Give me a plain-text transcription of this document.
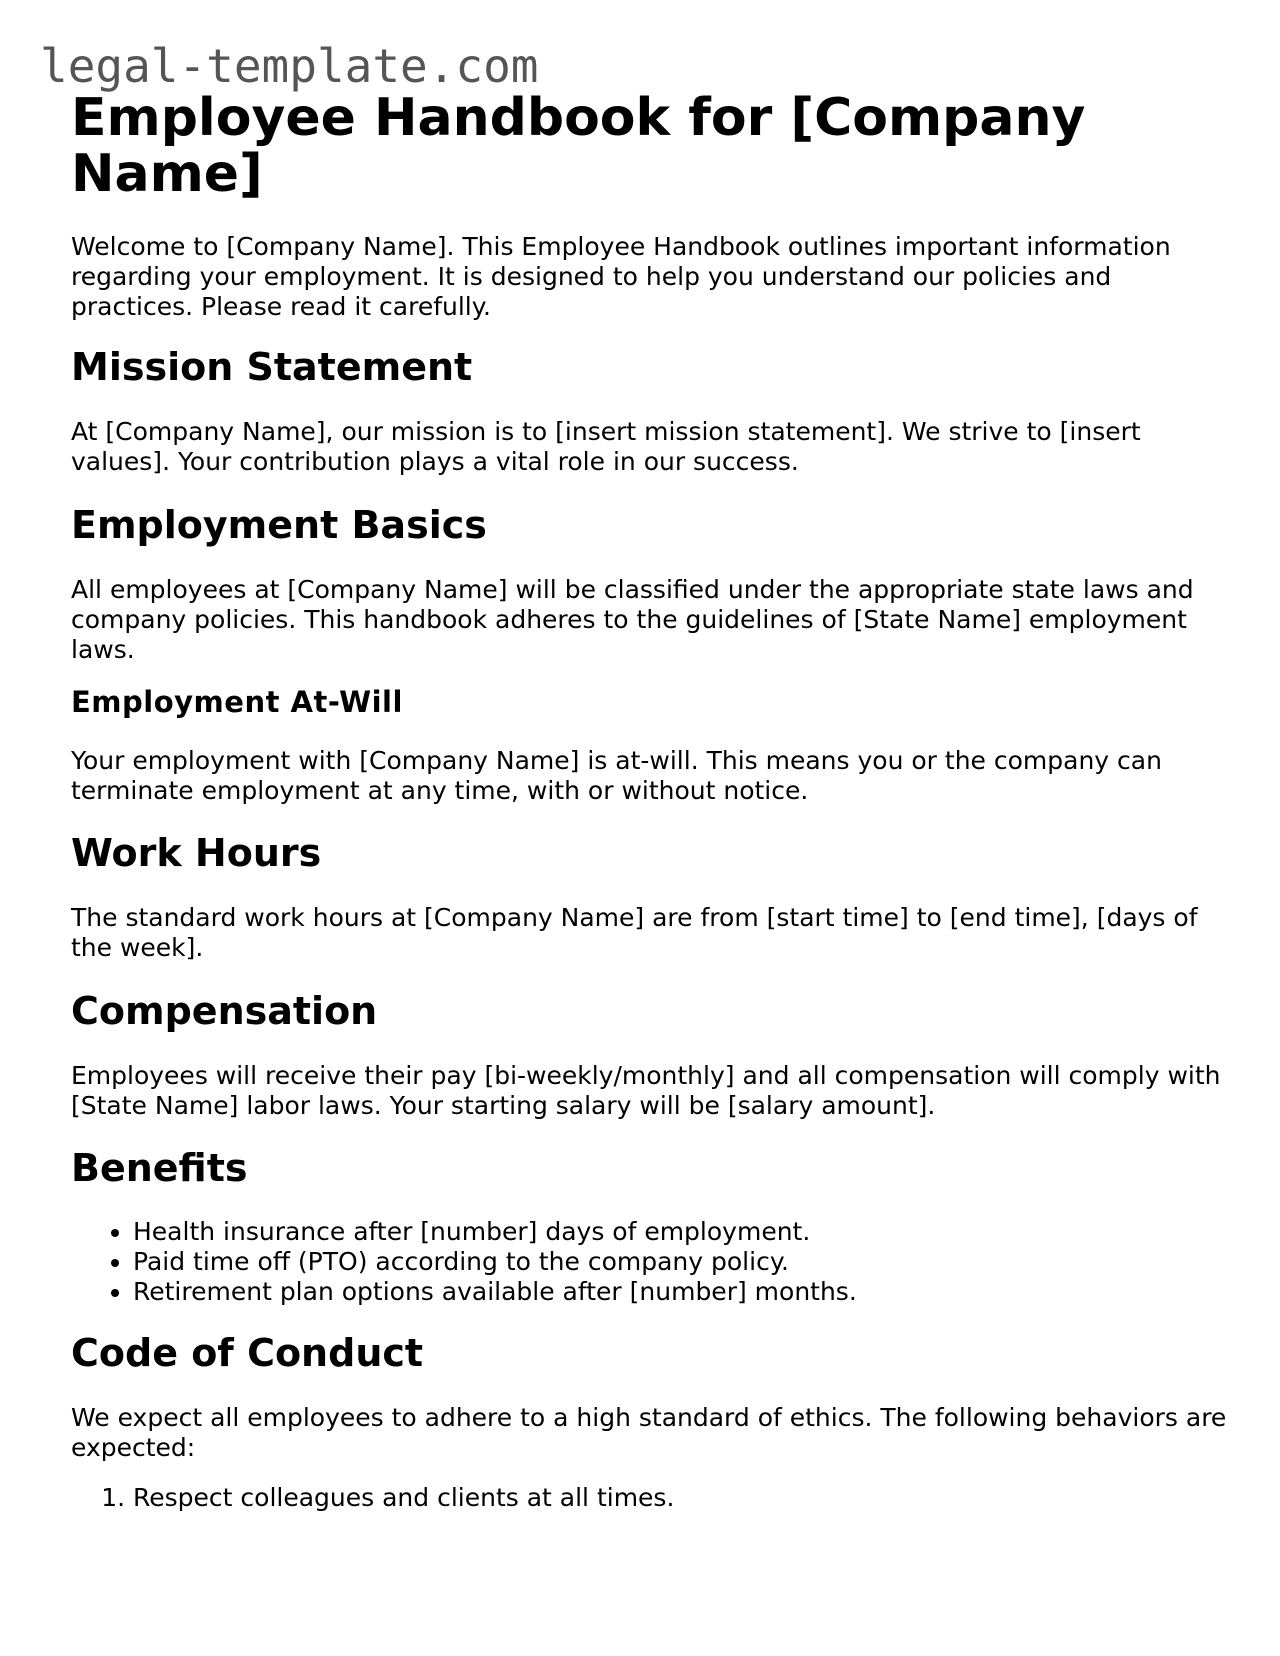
legal-template.com
Employee Handbook for [Company Name]

Welcome to [Company Name]. This Employee Handbook outlines important information regarding your employment. It is designed to help you understand our policies and practices. Please read it carefully.

Mission Statement

At [Company Name], our mission is to [insert mission statement]. We strive to [insert values]. Your contribution plays a vital role in our success.

Employment Basics

All employees at [Company Name] will be classified under the appropriate state laws and company policies. This handbook adheres to the guidelines of [State Name] employment laws.

Employment At-Will

Your employment with [Company Name] is at-will. This means you or the company can terminate employment at any time, with or without notice.

Work Hours

The standard work hours at [Company Name] are from [start time] to [end time], [days of the week].

Compensation

Employees will receive their pay [bi-weekly/monthly] and all compensation will comply with [State Name] labor laws. Your starting salary will be [salary amount].

Benefits
• Health insurance after [number] days of employment.
• Paid time off (PTO) according to the company policy.
• Retirement plan options available after [number] months.
Code of Conduct

We expect all employees to adhere to a high standard of ethics. The following behaviors are expected:

1. Respect colleagues and clients at all times.
